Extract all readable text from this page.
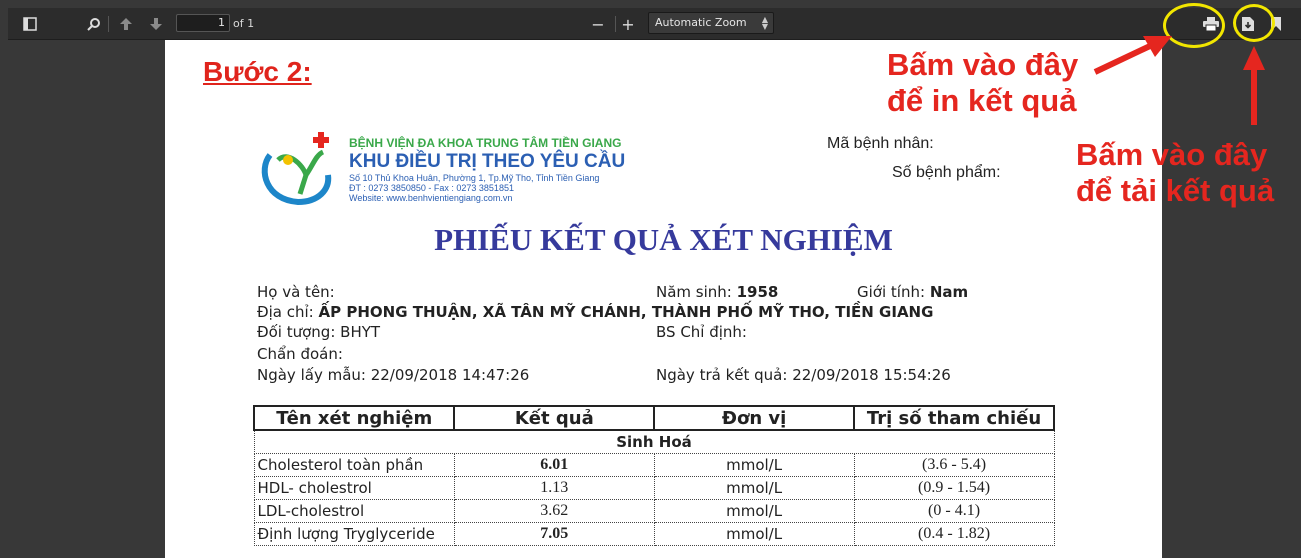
1 of 1	− +	Automatic Zoom ▲
▼
Bước 2:
BỆNH VIỆN ĐA KHOA TRUNG TÂM TIỀN GIANG
KHU ĐIỀU TRỊ THEO YÊU CẦU
Số 10 Thủ Khoa Huân, Phường 1, Tp.Mỹ Tho, Tỉnh Tiền Giang
ĐT : 0273 3850850 - Fax : 0273 3851851
Website: www.benhvientiengiang.com.vn
Mã bệnh nhân:
Số bệnh phẩm:
PHIẾU KẾT QUẢ XÉT NGHIỆM
Họ và tên:	Năm sinh: 1958	Giới tính: Nam
Địa chỉ: ẤP PHONG THUẬN, XÃ TÂN MỸ CHÁNH, THÀNH PHỐ MỸ THO, TIỀN GIANG
Đối tượng: BHYT	BS Chỉ định:
Chẩn đoán:
Ngày lấy mẫu: 22/09/2018 14:47:26	Ngày trả kết quả: 22/09/2018 15:54:26
Tên xét nghiệm	Kết quả	Đơn vị	Trị số tham chiếu
Sinh Hoá			
Cholesterol toàn phần	6.01	mmol/L	(3.6 - 5.4)
HDL- cholestrol	1.13	mmol/L	(0.9 - 1.54)
LDL-cholestrol	3.62	mmol/L	(0 - 4.1)
Định lượng Tryglyceride	7.05	mmol/L	(0.4 - 1.82)
Bấm vào đây
để in kết quả
Bấm vào đây
để tải kết quả
